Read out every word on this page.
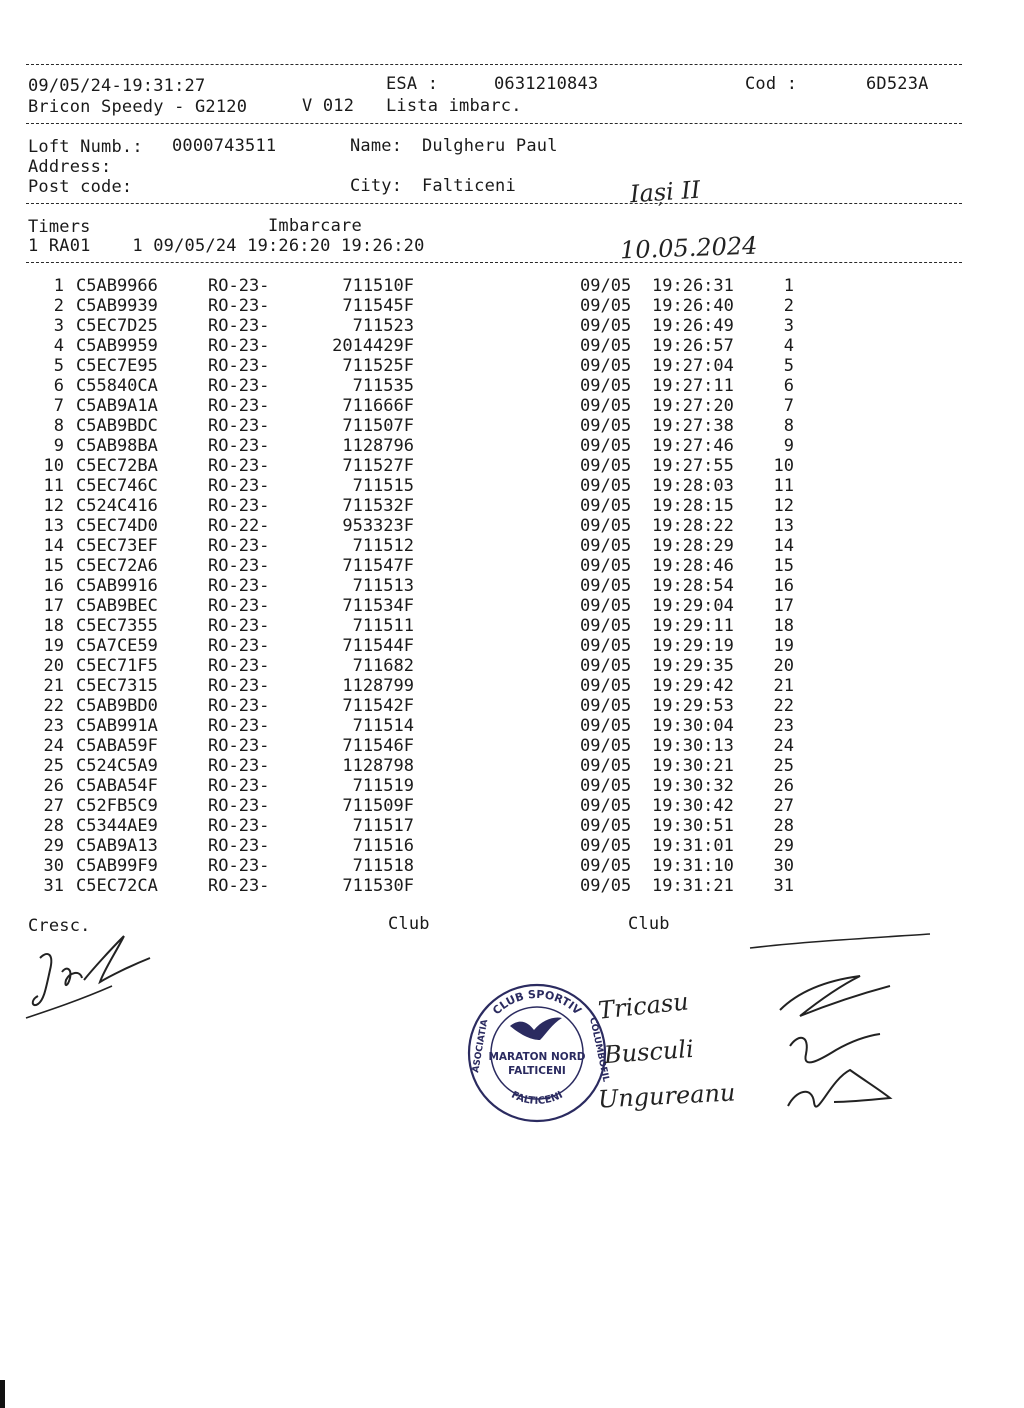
09/05/24-19:31:27	ESA :	0631210843	Cod :	6D523A
Bricon Speedy - G2120	V 012 Lista imbarc.
Loft Numb.: 0000743511	Name: Dulgheru Paul
Address:
Post code:	City: Falticeni	Iași II
Timers	Imbarcare
1 RA01    1 09/05/24 19:26:20 19:26:20	10.05.2024
1 C5AB9966	RO-23-	711510F	09/05 19:26:31	1
2 C5AB9939	RO-23-	711545F	09/05 19:26:40	2
3 C5EC7D25	RO-23-	711523	09/05 19:26:49	3
4 C5AB9959	RO-23-	2014429F	09/05 19:26:57	4
5 C5EC7E95	RO-23-	711525F	09/05 19:27:04	5
6 C55840CA	RO-23-	711535	09/05 19:27:11	6
7 C5AB9A1A	RO-23-	711666F	09/05 19:27:20	7
8 C5AB9BDC	RO-23-	711507F	09/05 19:27:38	8
9 C5AB98BA	RO-23-	1128796	09/05 19:27:46	9
10 C5EC72BA	RO-23-	711527F	09/05 19:27:55	10
11 C5EC746C	RO-23-	711515	09/05 19:28:03	11
12 C524C416	RO-23-	711532F	09/05 19:28:15	12
13 C5EC74D0	RO-22-	953323F	09/05 19:28:22	13
14 C5EC73EF	RO-23-	711512	09/05 19:28:29	14
15 C5EC72A6	RO-23-	711547F	09/05 19:28:46	15
16 C5AB9916	RO-23-	711513	09/05 19:28:54	16
17 C5AB9BEC	RO-23-	711534F	09/05 19:29:04	17
18 C5EC7355	RO-23-	711511	09/05 19:29:11	18
19 C5A7CE59	RO-23-	711544F	09/05 19:29:19	19
20 C5EC71F5	RO-23-	711682	09/05 19:29:35	20
21 C5EC7315	RO-23-	1128799	09/05 19:29:42	21
22 C5AB9BD0	RO-23-	711542F	09/05 19:29:53	22
23 C5AB991A	RO-23-	711514	09/05 19:30:04	23
24 C5ABA59F	RO-23-	711546F	09/05 19:30:13	24
25 C524C5A9	RO-23-	1128798	09/05 19:30:21	25
26 C5ABA54F	RO-23-	711519	09/05 19:30:32	26
27 C52FB5C9	RO-23-	711509F	09/05 19:30:42	27
28 C5344AE9	RO-23-	711517	09/05 19:30:51	28
29 C5AB9A13	RO-23-	711516	09/05 19:31:01	29
30 C5AB99F9	RO-23-	711518	09/05 19:31:10	30
31 C5EC72CA	RO-23-	711530F	09/05 19:31:21	31
Cresc.	Club	Club
CLUB SPORTIV
FALTICENI
ASOCIATIA	COLUMBOFIL
MARATON NORD
FALTICENI
Tricasu
Busculi
Ungureanu
